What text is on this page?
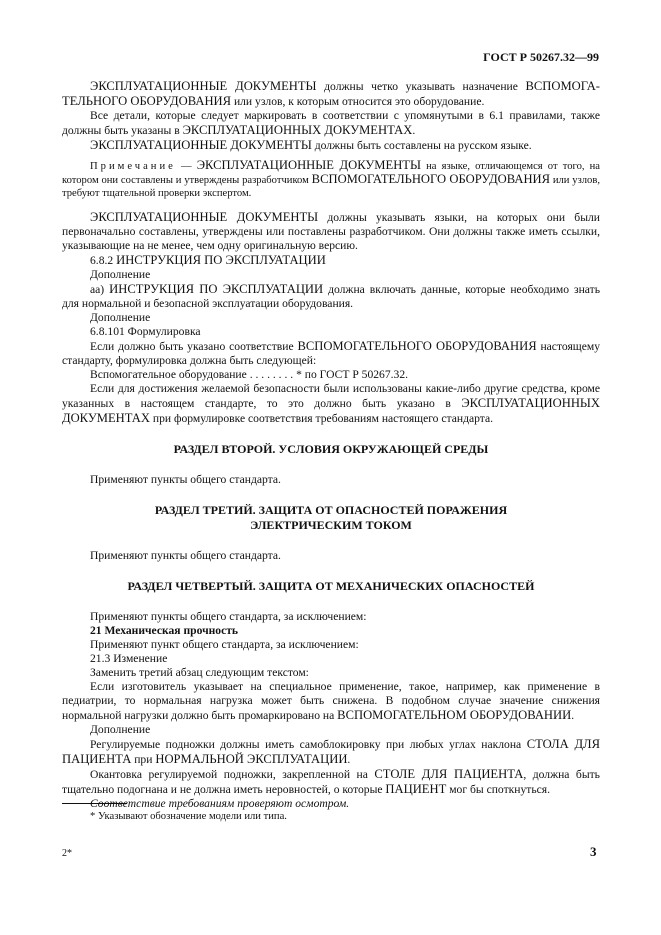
ГОСТ Р 50267.32—99

ЭКСПЛУАТАЦИОННЫЕ ДОКУМЕНТЫ должны четко указывать назначение ВСПОМОГА-ТЕЛЬНОГО ОБОРУДОВАНИЯ или узлов, к которым относится это оборудование.

Все детали, которые следует маркировать в соответствии с упомянутыми в 6.1 правилами, также должны быть указаны в ЭКСПЛУАТАЦИОННЫХ ДОКУМЕНТАХ.

ЭКСПЛУАТАЦИОННЫЕ ДОКУМЕНТЫ должны быть составлены на русском языке.

Примечание — ЭКСПЛУАТАЦИОННЫЕ ДОКУМЕНТЫ на языке, отличающемся от того, на котором они составлены и утверждены разработчиком ВСПОМОГАТЕЛЬНОГО ОБОРУДОВАНИЯ или узлов, требуют тщательной проверки экспертом.

ЭКСПЛУАТАЦИОННЫЕ ДОКУМЕНТЫ должны указывать языки, на которых они были первоначально составлены, утверждены или поставлены разработчиком. Они должны также иметь ссылки, указывающие на не менее, чем одну оригинальную версию.

6.8.2 ИНСТРУКЦИЯ ПО ЭКСПЛУАТАЦИИ

Дополнение

аа) ИНСТРУКЦИЯ ПО ЭКСПЛУАТАЦИИ должна включать данные, которые необходимо знать для нормальной и безопасной эксплуатации оборудования.

Дополнение

6.8.101 Формулировка

Если должно быть указано соответствие ВСПОМОГАТЕЛЬНОГО ОБОРУДОВАНИЯ настоящему стандарту, формулировка должна быть следующей:

Вспомогательное оборудование . . . . . . . . * по ГОСТ Р 50267.32.

Если для достижения желаемой безопасности были использованы какие-либо другие средства, кроме указанных в настоящем стандарте, то это должно быть указано в ЭКСПЛУАТАЦИОННЫХ ДОКУМЕНТАХ при формулировке соответствия требованиям настоящего стандарта.

РАЗДЕЛ ВТОРОЙ. УСЛОВИЯ ОКРУЖАЮЩЕЙ СРЕДЫ

Применяют пункты общего стандарта.

РАЗДЕЛ ТРЕТИЙ. ЗАЩИТА ОТ ОПАСНОСТЕЙ ПОРАЖЕНИЯ

ЭЛЕКТРИЧЕСКИМ ТОКОМ

Применяют пункты общего стандарта.

РАЗДЕЛ ЧЕТВЕРТЫЙ. ЗАЩИТА ОТ МЕХАНИЧЕСКИХ ОПАСНОСТЕЙ

Применяют пункты общего стандарта, за исключением:

21 Механическая прочность

Применяют пункт общего стандарта, за исключением:

21.3 Изменение

Заменить третий абзац следующим текстом:

Если изготовитель указывает на специальное применение, такое, например, как применение в педиатрии, то нормальная нагрузка может быть снижена. В подобном случае значение снижения нормальной нагрузки должно быть промаркировано на ВСПОМОГАТЕЛЬНОМ ОБОРУДОВАНИИ.

Дополнение

Регулируемые подножки должны иметь самоблокировку при любых углах наклона СТОЛА ДЛЯ ПАЦИЕНТА при НОРМАЛЬНОЙ ЭКСПЛУАТАЦИИ.

Окантовка регулируемой подножки, закрепленной на СТОЛЕ ДЛЯ ПАЦИЕНТА, должна быть тщательно подогнана и не должна иметь неровностей, о которые ПАЦИЕНТ мог бы споткнуться.

Соответствие требованиям проверяют осмотром.

* Указывают обозначение модели или типа.
2*	3
